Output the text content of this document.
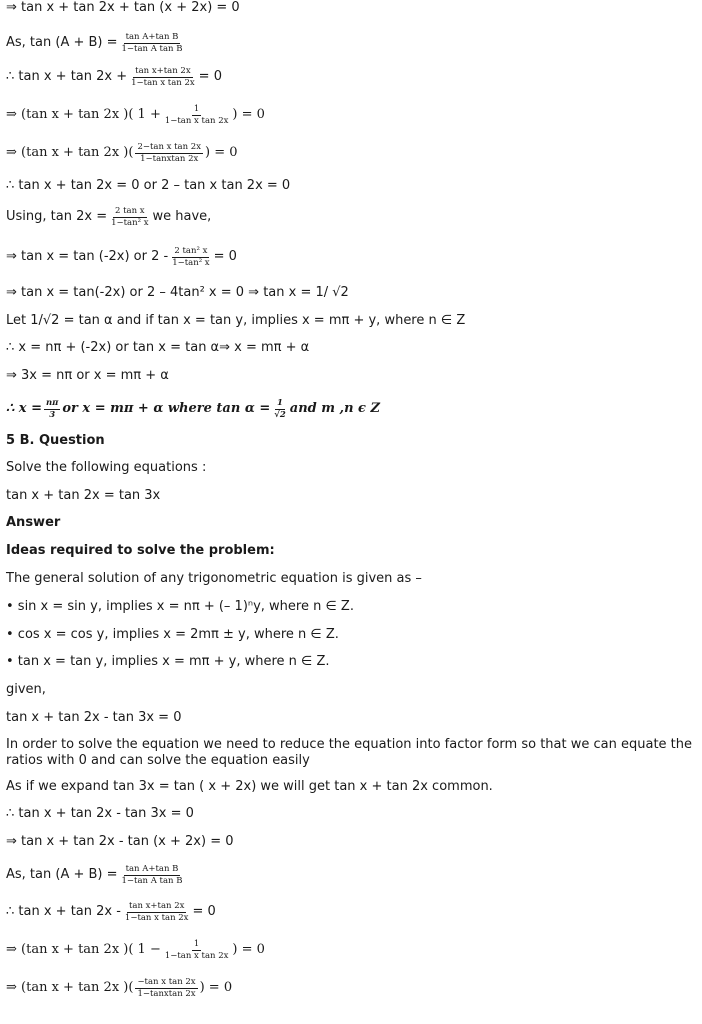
⇒ tan x + tan 2x + tan (x + 2x) = 0
As, $\tan (A + B) = \frac{\text{tan A+tan B}}{\text{1−tan A tan B}}$
∴ $\tan x + \tan 2x + \frac{\text{tan x+tan 2x}}{\text{1−tan x tan 2x}} = 0$
⇒ (tan x + tan 2x )( $1 + \frac{1}{\text{1−tan x tan 2x}}$ ) = 0
⇒ (tan x + tan 2x )( $\frac{\text{2−tan x tan 2x}}{\text{1−tanxtan 2x}}$ ) = 0
∴ tan x + tan 2x = 0 or 2 – tan x tan 2x = 0
Using, $\tan 2x = \frac{\text{2 tan x}}{\text{1−tan² x}}$ we have,
⇒ tan x = tan (-2x) or $2 - \frac{\text{2 tan² x}}{\text{1−tan² x}} = 0$
⇒ tan x = tan(-2x) or 2 – 4tan² x = 0 ⇒ tan x = 1/ √2
Let 1/√2 = tan α and if tan x = tan y, implies x = mπ + y, where n ∈ Z
∴ x = nπ + (-2x) or tan x = tan α⇒ x = mπ + α
⇒ 3x = nπ or x = mπ + α
∴ $x = \frac{n\pi}{3}$ or x = mπ + α where $\tan \alpha = \frac{1}{√2}$ and m ,n ϵ Z
5 B. Question
Solve the following equations :
tan x + tan 2x = tan 3x
Answer
Ideas required to solve the problem:
The general solution of any trigonometric equation is given as –
• sin x = sin y, implies x = nπ + (– 1)ⁿy, where n ∈ Z.
• cos x = cos y, implies x = 2mπ ± y, where n ∈ Z.
• tan x = tan y, implies x = mπ + y, where n ∈ Z.
given,
tan x + tan 2x - tan 3x = 0
In order to solve the equation we need to reduce the equation into factor form so that we can equate the ratios with 0 and can solve the equation easily
As if we expand tan 3x = tan ( x + 2x) we will get tan x + tan 2x common.
∴ tan x + tan 2x - tan 3x = 0
⇒ tan x + tan 2x - tan (x + 2x) = 0
As, $\tan (A + B) = \frac{\text{tan A+tan B}}{\text{1−tan A tan B}}$
∴ $\tan x + \tan 2x - \frac{\text{tan x+tan 2x}}{\text{1−tan x tan 2x}} = 0$
⇒ (tan x + tan 2x )( $1 - \frac{1}{\text{1−tan x tan 2x}}$ ) = 0
⇒ (tan x + tan 2x )( $\frac{\text{−tan x tan 2x}}{\text{1−tanxtan 2x}}$ ) = 0
